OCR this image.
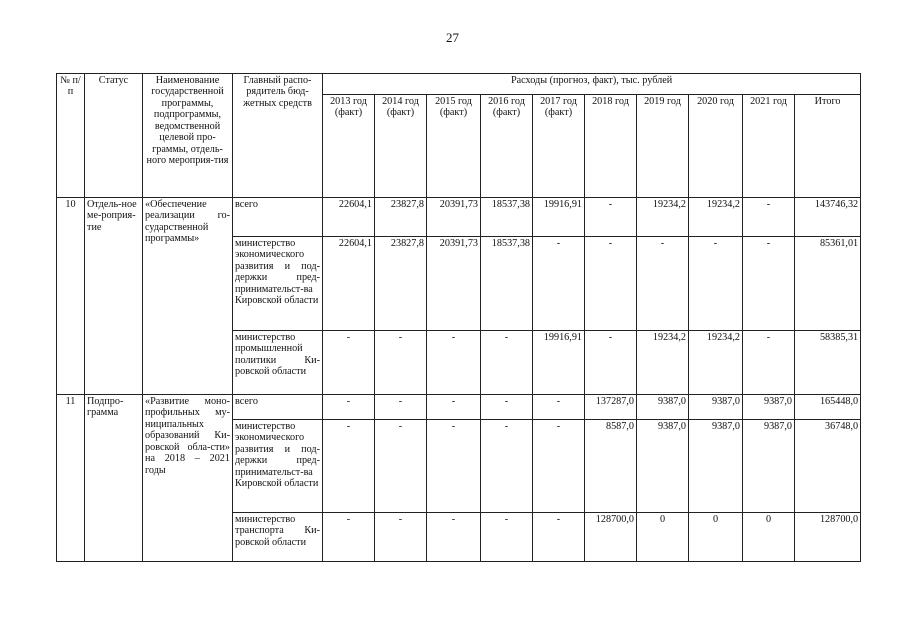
27
№ п/п	Статус	Наименование государственной программы, подпрограммы, ведомственной целевой про-граммы, отдель-ного мероприя-тия	Главный распо-рядитель бюд-жетных средств	Расходы (прогноз, факт), тыс. рублей									
				2013 год (факт)	2014 год (факт)	2015 год (факт)	2016 год (факт)	2017 год (факт)	2018 год	2019 год	2020 год	2021 год	Итого
10	Отдель-ное ме-роприя-тие	«Обеспечение реализации го-сударственной программы»	всего	22604,1	23827,8	20391,73	18537,38	19916,91	-	19234,2	19234,2	-	143746,32
			министерство экономического развития и под-держки пред-принимательст-ва Кировской области	22604,1	23827,8	20391,73	18537,38	-	-	-	-	-	85361,01
			министерство промышленной политики Ки-ровской области	-	-	-	-	19916,91	-	19234,2	19234,2	-	58385,31
11	Подпро-грамма	«Развитие моно-профильных му-ниципальных образований Ки-ровской обла-сти» на 2018 – 2021 годы	всего	-	-	-	-	-	137287,0	9387,0	9387,0	9387,0	165448,0
			министерство экономического развития и под-держки пред-принимательст-ва Кировской области	-	-	-	-	-	8587,0	9387,0	9387,0	9387,0	36748,0
			министерство транспорта Ки-ровской области	-	-	-	-	-	128700,0	0	0	0	128700,0
